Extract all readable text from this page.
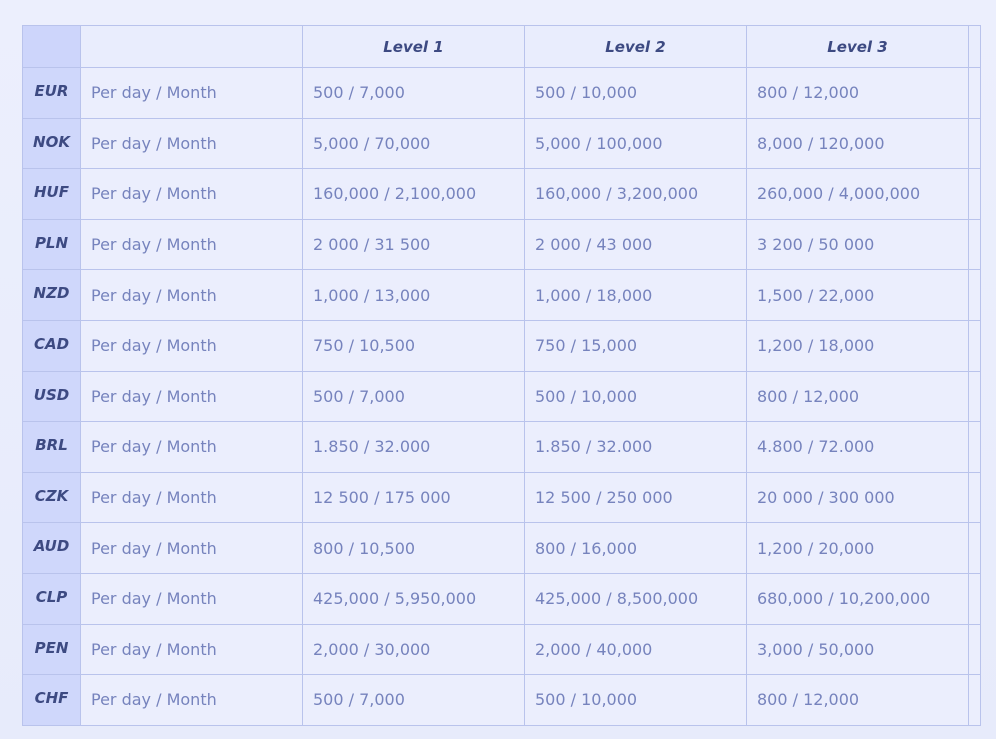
		Level 1	Level 2	Level 3	
EUR	Per day / Month	500 / 7,000	500 / 10,000	800 / 12,000	
NOK	Per day / Month	5,000 / 70,000	5,000 / 100,000	8,000 / 120,000	
HUF	Per day / Month	160,000 / 2,100,000	160,000 / 3,200,000	260,000 / 4,000,000	
PLN	Per day / Month	2 000 / 31 500	2 000 / 43 000	3 200 / 50 000	
NZD	Per day / Month	1,000 / 13,000	1,000 / 18,000	1,500 / 22,000	
CAD	Per day / Month	750 / 10,500	750 / 15,000	1,200 / 18,000	
USD	Per day / Month	500 / 7,000	500 / 10,000	800 / 12,000	
BRL	Per day / Month	1.850 / 32.000	1.850 / 32.000	4.800 / 72.000	
CZK	Per day / Month	12 500 / 175 000	12 500 / 250 000	20 000 / 300 000	
AUD	Per day / Month	800 / 10,500	800 / 16,000	1,200 / 20,000	
CLP	Per day / Month	425,000 / 5,950,000	425,000 / 8,500,000	680,000 / 10,200,000	
PEN	Per day / Month	2,000 / 30,000	2,000 / 40,000	3,000 / 50,000	
CHF	Per day / Month	500 / 7,000	500 / 10,000	800 / 12,000	
